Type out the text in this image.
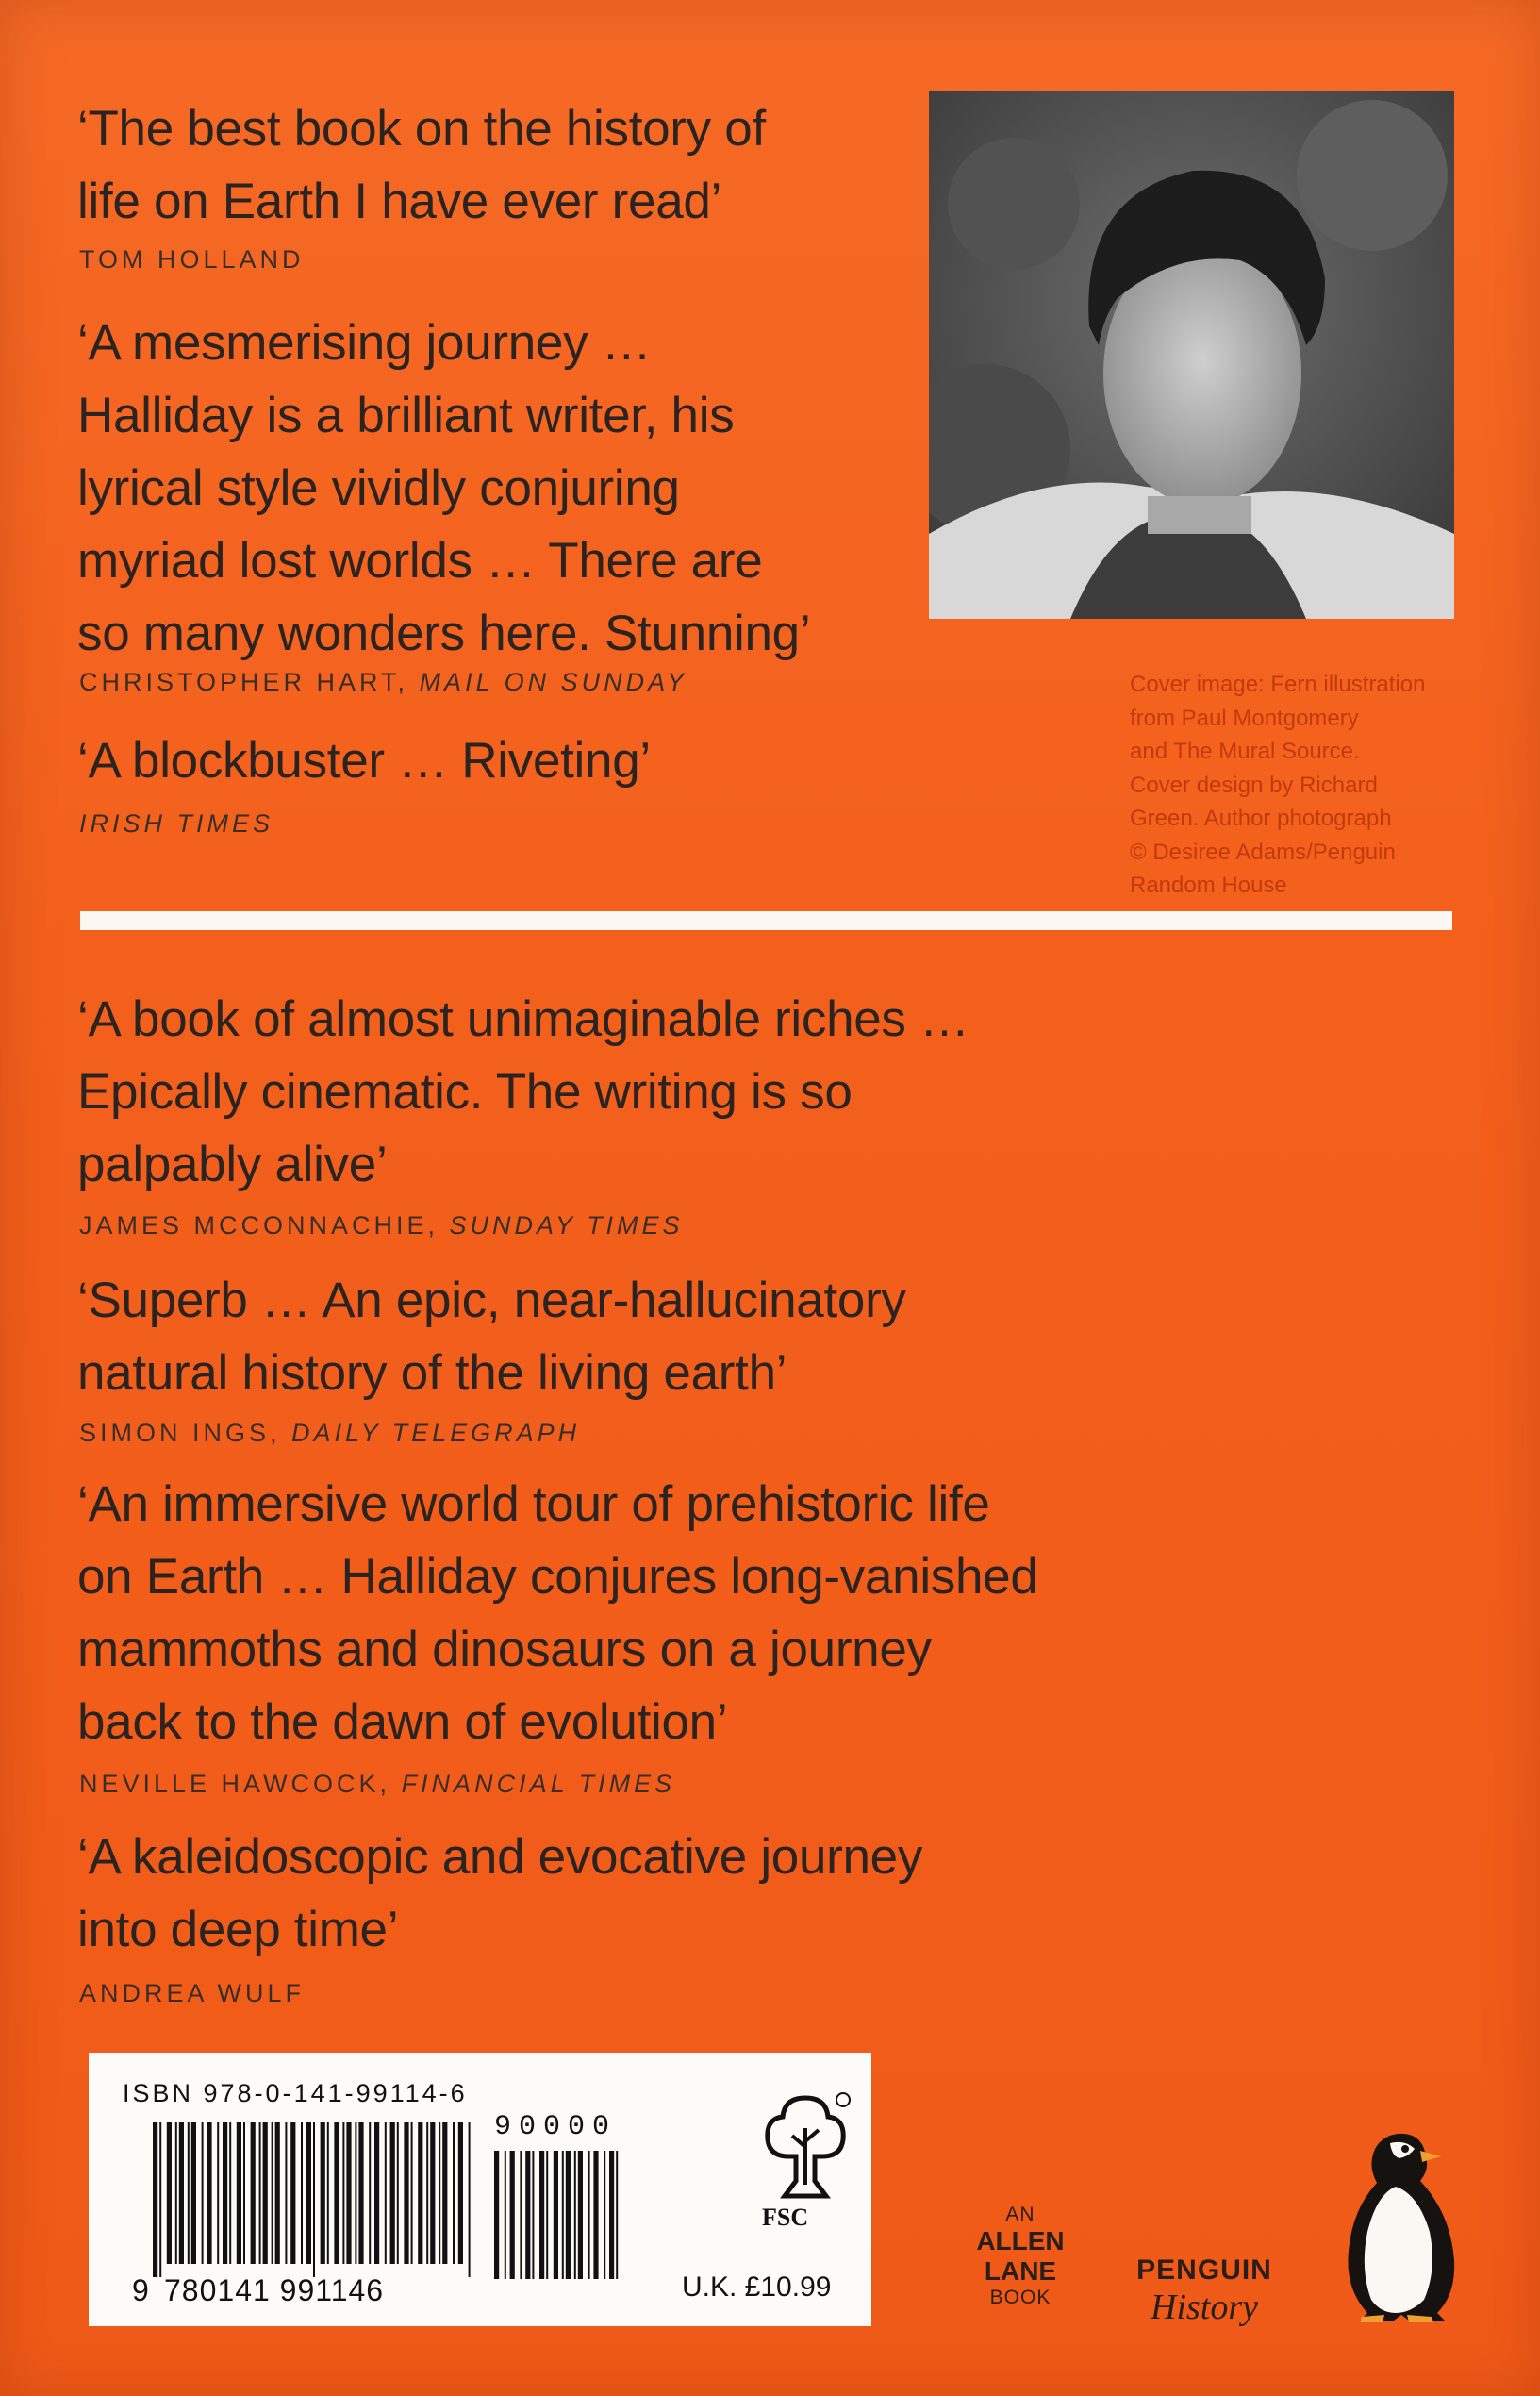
‘The best book on the history of
life on Earth I have ever read’

TOM HOLLAND

‘A mesmerising journey …
Halliday is a brilliant writer, his
lyrical style vividly conjuring
myriad lost worlds … There are
so many wonders here. Stunning’

CHRISTOPHER HART, MAIL ON SUNDAY

‘A blockbuster … Riveting’

IRISH TIMES

Cover image: Fern illustration
from Paul Montgomery
and The Mural Source.
Cover design by Richard
Green. Author photograph
© Desiree Adams/Penguin
Random House

‘A book of almost unimaginable riches …
Epically cinematic. The writing is so
palpably alive’

JAMES MCCONNACHIE, SUNDAY TIMES

‘Superb … An epic, near-hallucinatory
natural history of the living earth’

SIMON INGS, DAILY TELEGRAPH

‘An immersive world tour of prehistoric life
on Earth … Halliday conjures long-vanished
mammoths and dinosaurs on a journey
back to the dawn of evolution’

NEVILLE HAWCOCK, FINANCIAL TIMES

‘A kaleidoscopic and evocative journey
into deep time’

ANDREA WULF

ISBN 978-0-141-99114-6

90000

9 780141 991146	U.K. £10.99

FSC	AN
ALLEN
LANE
BOOK

PENGUIN

History
